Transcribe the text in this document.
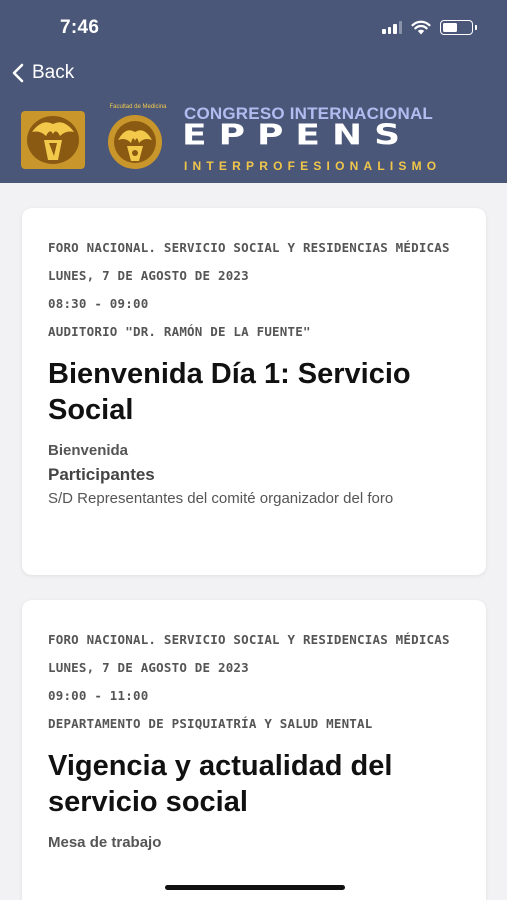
7:46
Back
Facultad de Medicina	CONGRESO INTERNACIONAL
EPPENS
INTERPROFESIONALISMO
FORO NACIONAL. SERVICIO SOCIAL Y RESIDENCIAS MÉDICAS
LUNES, 7 DE AGOSTO DE 2023
08:30 - 09:00
AUDITORIO "DR. RAMÓN DE LA FUENTE"
Bienvenida Día 1: Servicio Social
Bienvenida
Participantes
S/D Representantes del comité organizador del foro
FORO NACIONAL. SERVICIO SOCIAL Y RESIDENCIAS MÉDICAS
LUNES, 7 DE AGOSTO DE 2023
09:00 - 11:00
DEPARTAMENTO DE PSIQUIATRÍA Y SALUD MENTAL
Vigencia y actualidad del servicio social
Mesa de trabajo
